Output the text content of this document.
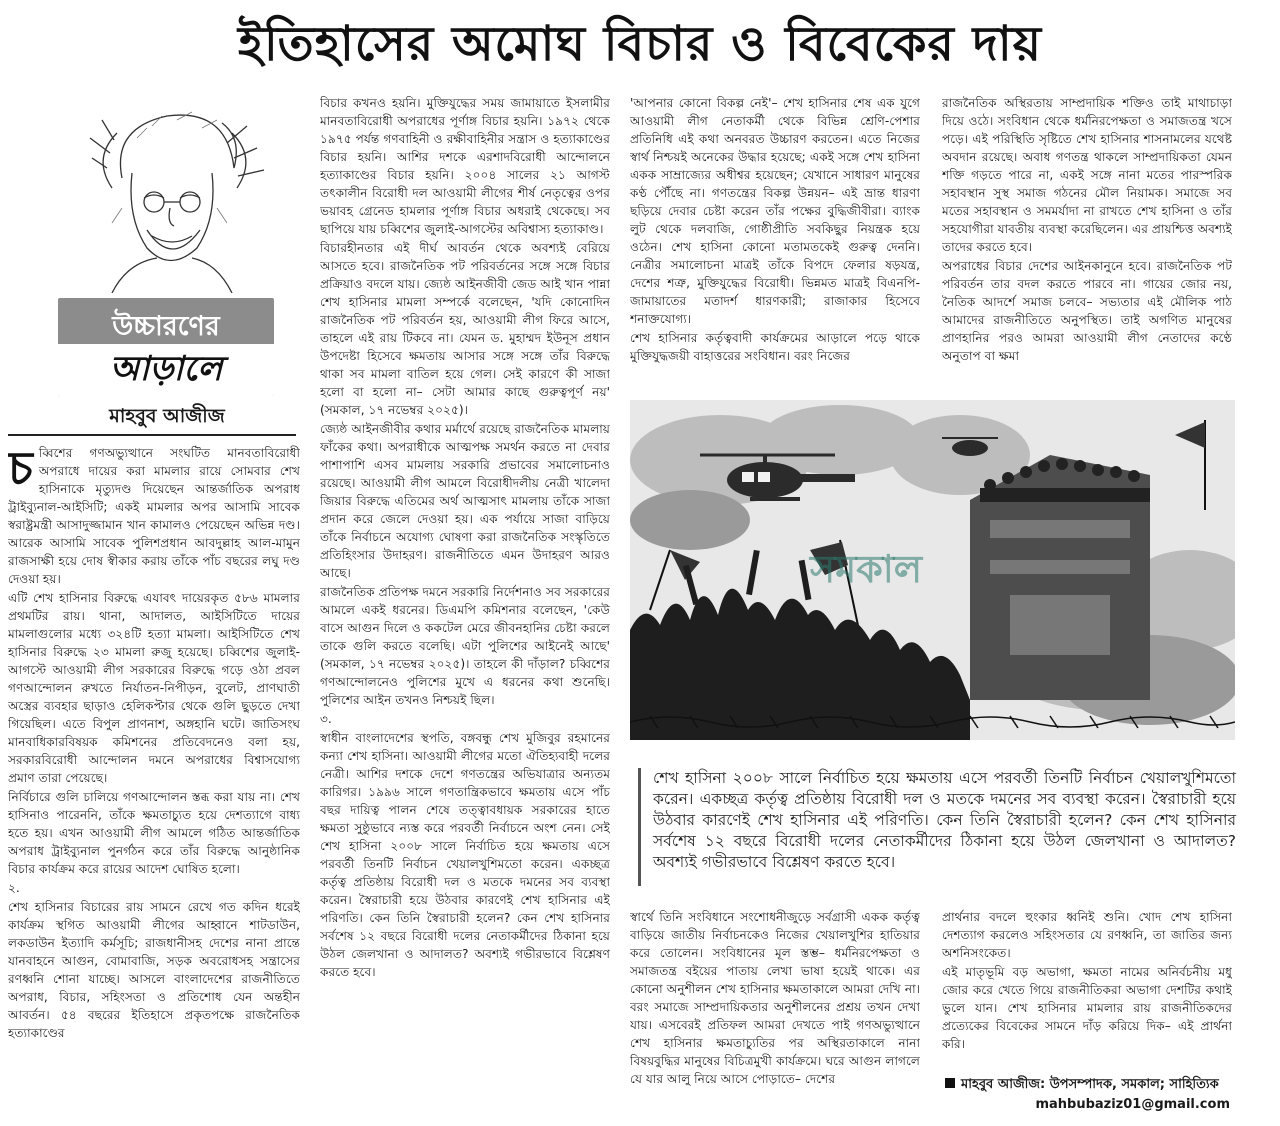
ইতিহাসের অমোঘ বিচার ও বিবেকের দায়
উচ্চারণের
আড়ালে
মাহবুব আজীজ
চ ব্বিশের গণঅভ্যুত্থানে সংঘটিত মানবতাবিরোধী অপরাধে দায়ের করা মামলার রায়ে সোমবার শেখ হাসিনাকে মৃত্যুদণ্ড দিয়েছেন আন্তর্জাতিক অপরাধ ট্রাইব্যুনাল-আইসিটি; একই মামলার অপর আসামি সাবেক স্বরাষ্ট্রমন্ত্রী আসাদুজ্জামান খান কামালও পেয়েছেন অভিন্ন দণ্ড। আরেক আসামি সাবেক পুলিশপ্রধান আবদুল্লাহ আল-মামুন রাজসাক্ষী হয়ে দোষ স্বীকার করায় তাঁকে পাঁচ বছরের লঘু দণ্ড দেওয়া হয়।

এটি শেখ হাসিনার বিরুদ্ধে এযাবৎ দায়েরকৃত ৫৮৬ মামলার প্রথমটির রায়। থানা, আদালত, আইসিটিতে দায়ের মামলাগুলোর মধ্যে ৩২৪টি হত্যা মামলা। আইসিটিতে শেখ হাসিনার বিরুদ্ধে ২৩ মামলা রুজু হয়েছে। চব্বিশের জুলাই-আগস্টে আওয়ামী লীগ সরকারের বিরুদ্ধে গড়ে ওঠা প্রবল গণআন্দোলন রুখতে নির্যাতন-নিপীড়ন, বুলেট, প্রাণঘাতী অস্ত্রের ব্যবহার ছাড়াও হেলিকপ্টার থেকে গুলি ছুড়তে দেখা গিয়েছিল। এতে বিপুল প্রাণনাশ, অঙ্গহানি ঘটে। জাতিসংঘ মানবাধিকারবিষয়ক কমিশনের প্রতিবেদনেও বলা হয়, সরকারবিরোধী আন্দোলন দমনে অপরাধের বিশ্বাসযোগ্য প্রমাণ তারা পেয়েছে।

নির্বিচারে গুলি চালিয়ে গণআন্দোলন স্তব্ধ করা যায় না। শেখ হাসিনাও পারেননি, তাঁকে ক্ষমতাচ্যুত হয়ে দেশত্যাগে বাধ্য হতে হয়। এখন আওয়ামী লীগ আমলে গঠিত আন্তর্জাতিক অপরাধ ট্রাইব্যুনাল পুনর্গঠন করে তাঁর বিরুদ্ধে আনুষ্ঠানিক বিচার কার্যক্রম করে রায়ের আদেশ ঘোষিত হলো।

২.

শেখ হাসিনার বিচারের রায় সামনে রেখে গত কদিন ধরেই কার্যক্রম স্থগিত আওয়ামী লীগের আহ্বানে শাটডাউন, লকডাউন ইত্যাদি কর্মসূচি; রাজধানীসহ দেশের নানা প্রান্তে যানবাহনে আগুন, বোমাবাজি, সড়ক অবরোধসহ সন্ত্রাসের রণধ্বনি শোনা যাচ্ছে। আসলে বাংলাদেশের রাজনীতিতে অপরাধ, বিচার, সহিংসতা ও প্রতিশোধ যেন অন্তহীন আবর্তন। ৫৪ বছরের ইতিহাসে প্রকৃতপক্ষে রাজনৈতিক হত্যাকাণ্ডের

বিচার কখনও হয়নি। মুক্তিযুদ্ধের সময় জামায়াতে ইসলামীর মানবতাবিরোধী অপরাধের পূর্ণাঙ্গ বিচার হয়নি। ১৯৭২ থেকে ১৯৭৫ পর্যন্ত গণবাহিনী ও রক্ষীবাহিনীর সন্ত্রাস ও হত্যাকাণ্ডের বিচার হয়নি। আশির দশকে এরশাদবিরোধী আন্দোলনে হত্যাকাণ্ডের বিচার হয়নি। ২০০৪ সালের ২১ আগস্ট তৎকালীন বিরোধী দল আওয়ামী লীগের শীর্ষ নেতৃত্বের ওপর ভয়াবহ গ্রেনেড হামলার পূর্ণাঙ্গ বিচার অধরাই থেকেছে। সব ছাপিয়ে যায় চব্বিশের জুলাই-আগস্টের অবিশ্বাস্য হত্যাকাণ্ড।

বিচারহীনতার এই দীর্ঘ আবর্তন থেকে অবশ্যই বেরিয়ে আসতে হবে। রাজনৈতিক পট পরিবর্তনের সঙ্গে সঙ্গে বিচার প্রক্রিয়াও বদলে যায়। জ্যেষ্ঠ আইনজীবী জেড আই খান পান্না শেখ হাসিনার মামলা সম্পর্কে বলেছেন, 'যদি কোনোদিন রাজনৈতিক পট পরিবর্তন হয়, আওয়ামী লীগ ফিরে আসে, তাহলে এই রায় টিকবে না। যেমন ড. মুহাম্মদ ইউনূস প্রধান উপদেষ্টা হিসেবে ক্ষমতায় আসার সঙ্গে সঙ্গে তাঁর বিরুদ্ধে থাকা সব মামলা বাতিল হয়ে গেল। সেই কারণে কী সাজা হলো বা হলো না– সেটা আমার কাছে গুরুত্বপূর্ণ নয়' (সমকাল, ১৭ নভেম্বর ২০২৫)।

জ্যেষ্ঠ আইনজীবীর কথার মর্মার্থে রয়েছে রাজনৈতিক মামলায় ফাঁকের কথা। অপরাধীকে আত্মপক্ষ সমর্থন করতে না দেবার পাশাপাশি এসব মামলায় সরকারি প্রভাবের সমালোচনাও রয়েছে। আওয়ামী লীগ আমলে বিরোধীদলীয় নেত্রী খালেদা জিয়ার বিরুদ্ধে এতিমের অর্থ আত্মসাৎ মামলায় তাঁকে সাজা প্রদান করে জেলে দেওয়া হয়। এক পর্যায়ে সাজা বাড়িয়ে তাঁকে নির্বাচনে অযোগ্য ঘোষণা করা রাজনৈতিক সংস্কৃতিতে প্রতিহিংসার উদাহরণ। রাজনীতিতে এমন উদাহরণ আরও আছে।

রাজনৈতিক প্রতিপক্ষ দমনে সরকারি নির্দেশনাও সব সরকারের আমলে একই ধরনের। ডিএমপি কমিশনার বলেছেন, 'কেউ বাসে আগুন দিলে ও ককটেল মেরে জীবনহানির চেষ্টা করলে তাকে গুলি করতে বলেছি। এটা পুলিশের আইনেই আছে' (সমকাল, ১৭ নভেম্বর ২০২৫)। তাহলে কী দাঁড়াল? চব্বিশের গণআন্দোলনেও পুলিশের মুখে এ ধরনের কথা শুনেছি। পুলিশের আইন তখনও নিশ্চয়ই ছিল।

৩.

স্বাধীন বাংলাদেশের স্থপতি, বঙ্গবন্ধু শেখ মুজিবুর রহমানের কন্যা শেখ হাসিনা। আওয়ামী লীগের মতো ঐতিহ্যবাহী দলের নেত্রী। আশির দশকে দেশে গণতন্ত্রের অভিযাত্রার অন্যতম কারিগর। ১৯৯৬ সালে গণতান্ত্রিকভাবে ক্ষমতায় এসে পাঁচ বছর দায়িত্ব পালন শেষে তত্ত্বাবধায়ক সরকারের হাতে ক্ষমতা সুষ্ঠুভাবে ন্যস্ত করে পরবর্তী নির্বাচনে অংশ নেন। সেই শেখ হাসিনা ২০০৮ সালে নির্বাচিত হয়ে ক্ষমতায় এসে পরবর্তী তিনটি নির্বাচন খেয়ালখুশিমতো করেন। একচ্ছত্র কর্তৃত্ব প্রতিষ্ঠায় বিরোধী দল ও মতকে দমনের সব ব্যবস্থা করেন। স্বৈরাচারী হয়ে উঠবার কারণেই শেখ হাসিনার এই পরিণতি। কেন তিনি স্বৈরাচারী হলেন? কেন শেখ হাসিনার সর্বশেষ ১২ বছরে বিরোধী দলের নেতাকর্মীদের ঠিকানা হয়ে উঠল জেলখানা ও আদালত? অবশ্যই গভীরভাবে বিশ্লেষণ করতে হবে।

'আপনার কোনো বিকল্প নেই'– শেখ হাসিনার শেষ এক যুগে আওয়ামী লীগ নেতাকর্মী থেকে বিভিন্ন শ্রেণি-পেশার প্রতিনিধি এই কথা অনবরত উচ্চারণ করতেন। এতে নিজের স্বার্থ নিশ্চয়ই অনেকের উদ্ধার হয়েছে; একই সঙ্গে শেখ হাসিনা একক সাম্রাজ্যের অধীশ্বর হয়েছেন; যেখানে সাধারণ মানুষের কণ্ঠ পৌঁছে না। গণতন্ত্রের বিকল্প উন্নয়ন– এই ভ্রান্ত ধারণা ছড়িয়ে দেবার চেষ্টা করেন তাঁর পক্ষের বুদ্ধিজীবীরা। ব্যাংক লুট থেকে দলবাজি, গোষ্ঠীপ্রীতি সবকিছুর নিয়ন্ত্রক হয়ে ওঠেন। শেখ হাসিনা কোনো মতামতকেই গুরুত্ব দেননি। নেত্রীর সমালোচনা মাত্রই তাঁকে বিপদে ফেলার ষড়যন্ত্র, দেশের শত্রু, মুক্তিযুদ্ধের বিরোধী। ভিন্নমত মাত্রই বিএনপি-জামায়াতের মতাদর্শ ধারণকারী; রাজাকার হিসেবে শনাক্তযোগ্য।

শেখ হাসিনার কর্তৃত্ববাদী কার্যক্রমের আড়ালে পড়ে থাকে মুক্তিযুদ্ধজয়ী বাহাত্তরের সংবিধান। বরং নিজের

রাজনৈতিক অস্থিরতায় সাম্প্রদায়িক শক্তিও তাই মাথাচাড়া দিয়ে ওঠে। সংবিধান থেকে ধর্মনিরপেক্ষতা ও সমাজতন্ত্র খসে পড়ে। এই পরিস্থিতি সৃষ্টিতে শেখ হাসিনার শাসনামলের যথেষ্ট অবদান রয়েছে। অবাধ গণতন্ত্র থাকলে সাম্প্রদায়িকতা যেমন শক্তি গড়তে পারে না, একই সঙ্গে নানা মতের পারস্পরিক সহাবস্থান সুস্থ সমাজ গঠনের মৌল নিয়ামক। সমাজে সব মতের সহাবস্থান ও সমমর্যাদা না রাখতে শেখ হাসিনা ও তাঁর সহযোগীরা যাবতীয় ব্যবস্থা করেছিলেন। এর প্রায়শ্চিত্ত অবশ্যই তাদের করতে হবে।

অপরাধের বিচার দেশের আইনকানুনে হবে। রাজনৈতিক পট পরিবর্তন তার বদল করতে পারবে না। গায়ের জোর নয়, নৈতিক আদর্শে সমাজ চলবে– সভ্যতার এই মৌলিক পাঠ আমাদের রাজনীতিতে অনুপস্থিত। তাই অগণিত মানুষের প্রাণহানির পরও আমরা আওয়ামী লীগ নেতাদের কণ্ঠে অনুতাপ বা ক্ষমা

সমকাল
শেখ হাসিনা ২০০৮ সালে নির্বাচিত হয়ে ক্ষমতায় এসে পরবর্তী তিনটি নির্বাচন খেয়ালখুশিমতো করেন। একচ্ছত্র কর্তৃত্ব প্রতিষ্ঠায় বিরোধী দল ও মতকে দমনের সব ব্যবস্থা করেন। স্বৈরাচারী হয়ে উঠবার কারণেই শেখ হাসিনার এই পরিণতি। কেন তিনি স্বৈরাচারী হলেন? কেন শেখ হাসিনার সর্বশেষ ১২ বছরে বিরোধী দলের নেতাকর্মীদের ঠিকানা হয়ে উঠল জেলখানা ও আদালত? অবশ্যই গভীরভাবে বিশ্লেষণ করতে হবে।

স্বার্থে তিনি সংবিধানে সংশোধনীজুড়ে সর্বগ্রাসী একক কর্তৃত্ব বাড়িয়ে জাতীয় নির্বাচনকেও নিজের খেয়ালখুশির হাতিয়ার করে তোলেন। সংবিধানের মূল স্তম্ভ– ধর্মনিরপেক্ষতা ও সমাজতন্ত্র বইয়ের পাতায় লেখা ভাষা হয়েই থাকে। এর কোনো অনুশীলন শেখ হাসিনার ক্ষমতাকালে আমরা দেখি না। বরং সমাজে সাম্প্রদায়িকতার অনুশীলনের প্রশ্রয় তখন দেখা যায়। এসবেরই প্রতিফল আমরা দেখতে পাই গণঅভ্যুত্থানে শেখ হাসিনার ক্ষমতাচ্যুতির পর অস্থিরতাকালে নানা বিষয়বুদ্ধির মানুষের বিচিত্রমুখী কার্যক্রমে। ঘরে আগুন লাগলে যে যার আলু নিয়ে আসে পোড়াতে– দেশের

প্রার্থনার বদলে হুংকার ধ্বনিই শুনি। খোদ শেখ হাসিনা দেশত্যাগ করলেও সহিংসতার যে রণধ্বনি, তা জাতির জন্য অশনিসংকেত।

এই মাতৃভূমি বড় অভাগা, ক্ষমতা নামের অনির্বচনীয় মধু জোর করে খেতে গিয়ে রাজনীতিকরা অভাগা দেশটির কথাই ভুলে যান। শেখ হাসিনার মামলার রায় রাজনীতিকদের প্রত্যেকের বিবেকের সামনে দাঁড় করিয়ে দিক– এই প্রার্থনা করি।

মাহবুব আজীজ: উপসম্পাদক, সমকাল; সাহিত্যিক
mahbubaziz01@gmail.com
